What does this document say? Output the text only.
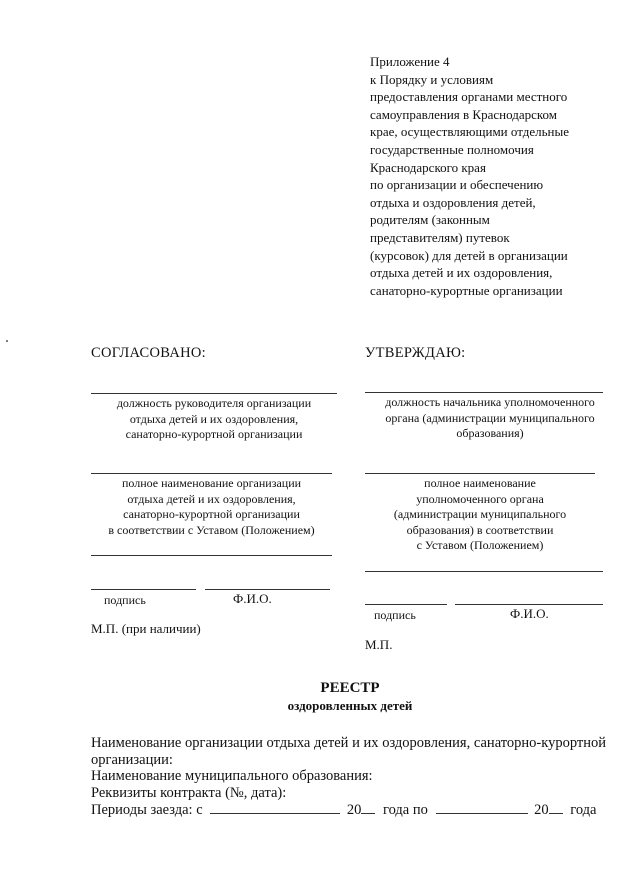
Приложение 4
к Порядку и условиям
предоставления органами местного
самоуправления в Краснодарском
крае, осуществляющими отдельные
государственные полномочия
Краснодарского края
по организации и обеспечению
отдыха и оздоровления детей,
родителям (законным
представителям) путевок
(курсовок) для детей в организации
отдыха детей и их оздоровления,
санаторно-курортные организации
СОГЛАСОВАНО:
должность руководителя организации
отдыха детей и их оздоровления,
санаторно-курортной организации
полное наименование организации
отдыха детей и их оздоровления,
санаторно-курортной организации
в соответствии с Уставом (Положением)
подпись	Ф.И.О.
М.П. (при наличии)
УТВЕРЖДАЮ:
должность начальника уполномоченного
органа (администрации муниципального
образования)
полное наименование
уполномоченного органа
(администрации муниципального
образования) в соответствии
с Уставом (Положением)
подпись	Ф.И.О.
М.П.
РЕЕСТР
оздоровленных детей
Наименование организации отдыха детей и их оздоровления, санаторно-курортной организации:
Наименование муниципального образования:
Реквизиты контракта (№, дата):
Периоды заезда: с	20 года по	20 года
